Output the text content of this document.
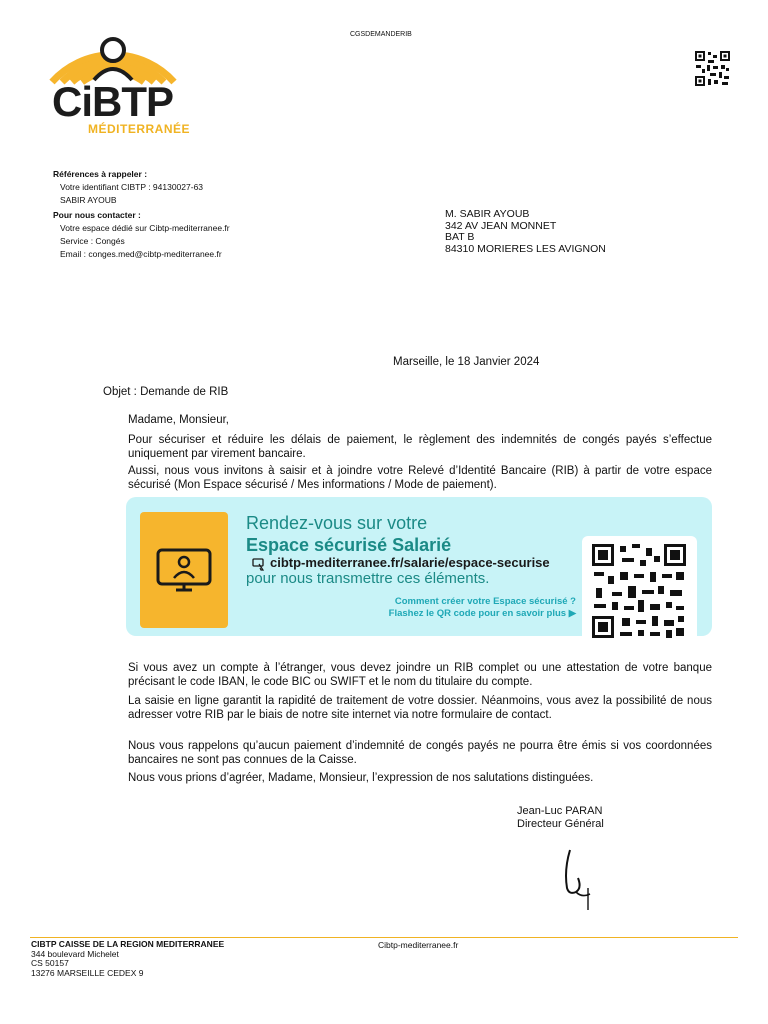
CGSDEMANDERIB
CiBTP
MÉDITERRANÉE
Références à rappeler :
Votre identifiant CIBTP : 94130027-63
SABIR AYOUB
Pour nous contacter :
Votre espace dédié sur Cibtp-mediterranee.fr
Service : Congés
Email : conges.med@cibtp-mediterranee.fr
M. SABIR AYOUB
342 AV JEAN MONNET
BAT B
84310 MORIERES LES AVIGNON
Marseille, le 18 Janvier 2024
Objet : Demande de RIB
Madame, Monsieur,
Pour sécuriser et réduire les délais de paiement, le règlement des indemnités de congés payés s’effectue uniquement par virement bancaire.
Aussi, nous vous invitons à saisir et à joindre votre Relevé d’Identité Bancaire (RIB) à partir de votre espace sécurisé (Mon Espace sécurisé / Mes informations / Mode de paiement).
Rendez-vous sur votre
Espace sécurisé Salarié
cibtp-mediterranee.fr/salarie/espace-securise
pour nous transmettre ces éléments.
Comment créer votre Espace sécurisé ?
Flashez le QR code pour en savoir plus ▶
Si vous avez un compte à l’étranger, vous devez joindre un RIB complet ou une attestation de votre banque précisant le code IBAN, le code BIC ou SWIFT et le nom du titulaire du compte.
La saisie en ligne garantit la rapidité de traitement de votre dossier. Néanmoins, vous avez la possibilité de nous adresser votre RIB par le biais de notre site internet via notre formulaire de contact.
Nous vous rappelons qu’aucun paiement d’indemnité de congés payés ne pourra être émis si vos coordonnées bancaires ne sont pas connues de la Caisse.
Nous vous prions d’agréer, Madame, Monsieur, l’expression de nos salutations distinguées.
Jean-Luc PARAN
Directeur Général
CIBTP CAISSE DE LA REGION MEDITERRANEE
344 boulevard Michelet
CS 50157
13276 MARSEILLE CEDEX 9
Cibtp-mediterranee.fr
